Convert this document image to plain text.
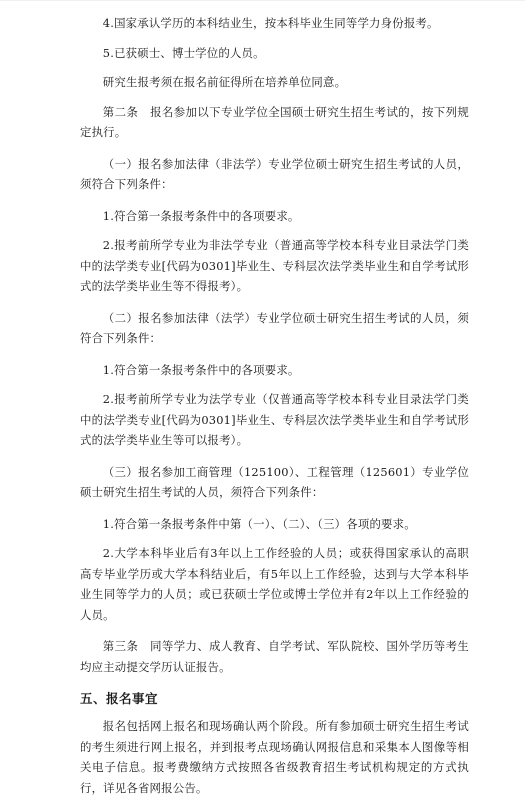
4.国家承认学历的本科结业生，按本科毕业生同等学力身份报考。

5.已获硕士、博士学位的人员。

研究生报考须在报名前征得所在培养单位同意。

第二条　报名参加以下专业学位全国硕士研究生招生考试的，按下列规定执行。

（一）报名参加法律（非法学）专业学位硕士研究生招生考试的人员，须符合下列条件：

1.符合第一条报考条件中的各项要求。

2.报考前所学专业为非法学专业（普通高等学校本科专业目录法学门类中的法学类专业[代码为0301]毕业生、专科层次法学类毕业生和自学考试形式的法学类毕业生等不得报考）。

（二）报名参加法律（法学）专业学位硕士研究生招生考试的人员，须符合下列条件：

1.符合第一条报考条件中的各项要求。

2.报考前所学专业为法学专业（仅普通高等学校本科专业目录法学门类中的法学类专业[代码为0301]毕业生、专科层次法学类毕业生和自学考试形式的法学类毕业生等可以报考）。

（三）报名参加工商管理（125100）、工程管理（125601）专业学位硕士研究生招生考试的人员，须符合下列条件：

1.符合第一条报考条件中第（一）、（二）、（三）各项的要求。

2.大学本科毕业后有3年以上工作经验的人员；或获得国家承认的高职高专毕业学历或大学本科结业后，有5年以上工作经验，达到与大学本科毕业生同等学力的人员；或已获硕士学位或博士学位并有2年以上工作经验的人员。

第三条　同等学力、成人教育、自学考试、军队院校、国外学历等考生均应主动提交学历认证报告。

五、报名事宜

报名包括网上报名和现场确认两个阶段。所有参加硕士研究生招生考试的考生须进行网上报名，并到报考点现场确认网报信息和采集本人图像等相关电子信息。报考费缴纳方式按照各省级教育招生考试机构规定的方式执行，详见各省网报公告。
